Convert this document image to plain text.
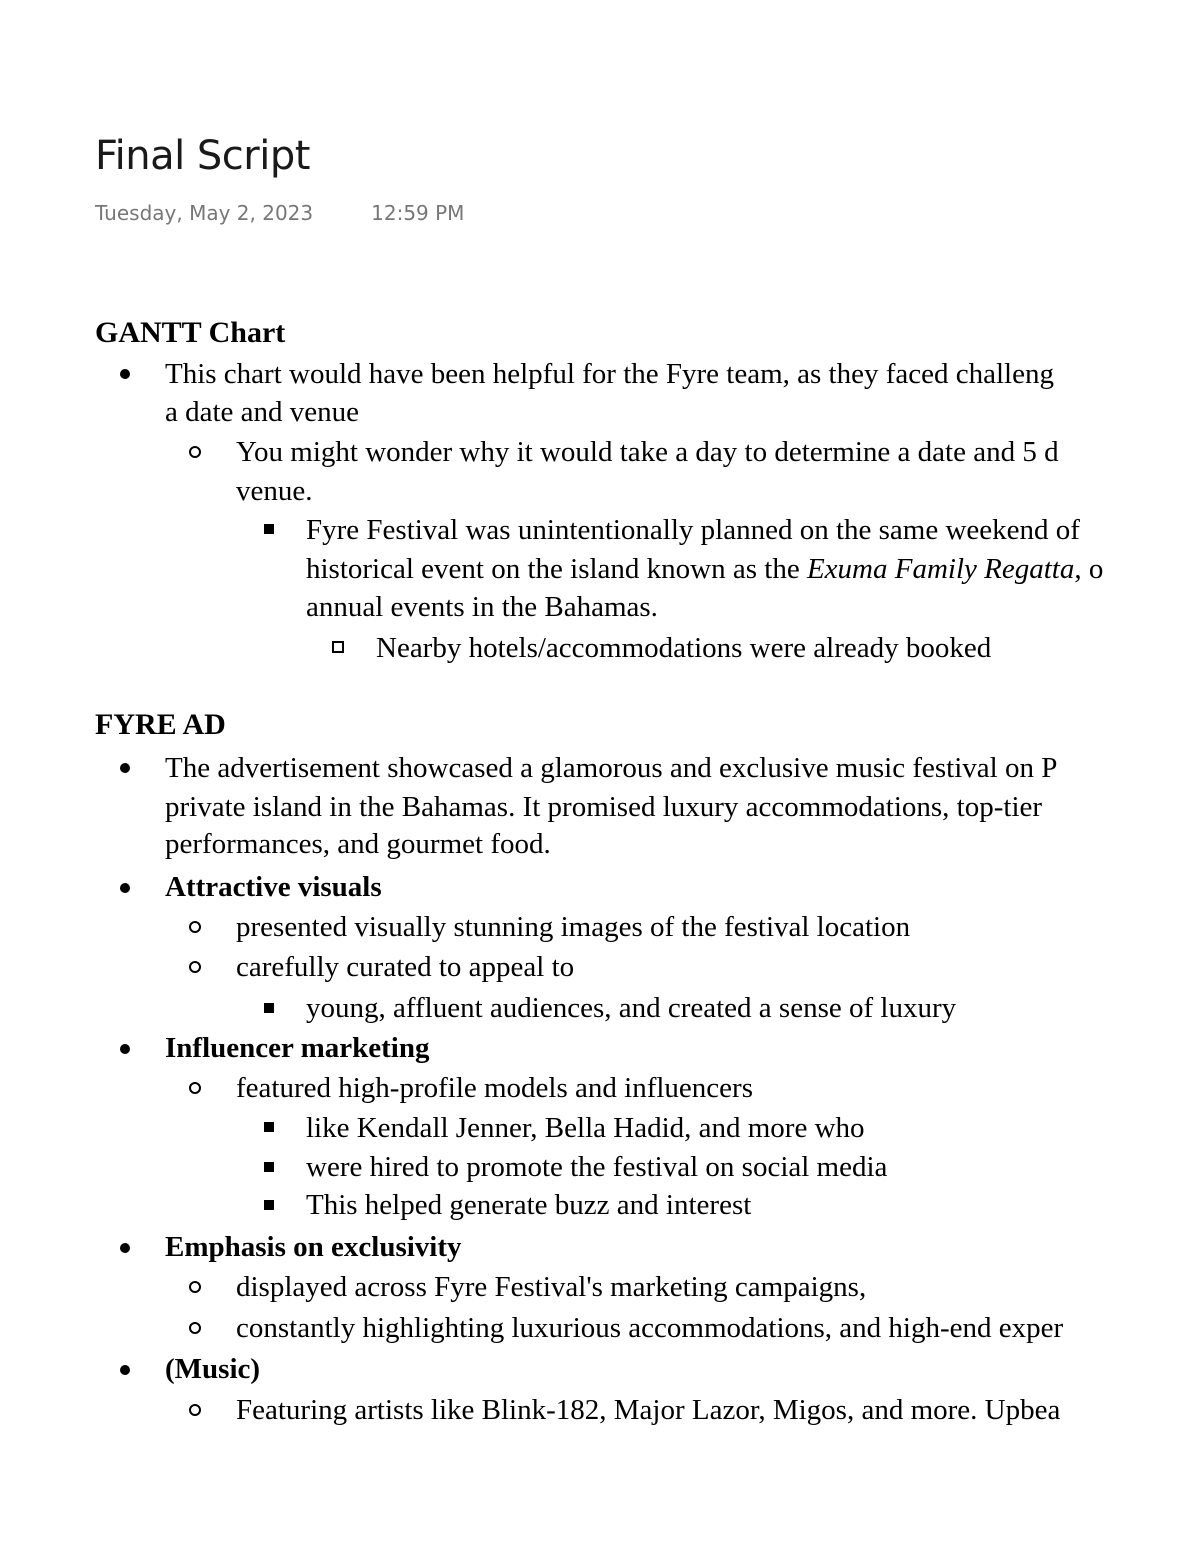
Final Script
Tuesday, May 2, 2023	12:59 PM
GANTT Chart
This chart would have been helpful for the Fyre team, as they faced challeng
a date and venue
You might wonder why it would take a day to determine a date and 5 d
venue.
Fyre Festival was unintentionally planned on the same weekend of
historical event on the island known as the Exuma Family Regatta, o
annual events in the Bahamas.
Nearby hotels/accommodations were already booked
FYRE AD
The advertisement showcased a glamorous and exclusive music festival on P
private island in the Bahamas. It promised luxury accommodations, top-tier
performances, and gourmet food.
Attractive visuals
presented visually stunning images of the festival location
carefully curated to appeal to
young, affluent audiences, and created a sense of luxury
Influencer marketing
featured high-profile models and influencers
like Kendall Jenner, Bella Hadid, and more who
were hired to promote the festival on social media
This helped generate buzz and interest
Emphasis on exclusivity
displayed across Fyre Festival's marketing campaigns,
constantly highlighting luxurious accommodations, and high-end exper
(Music)
Featuring artists like Blink-182, Major Lazor, Migos, and more. Upbea
